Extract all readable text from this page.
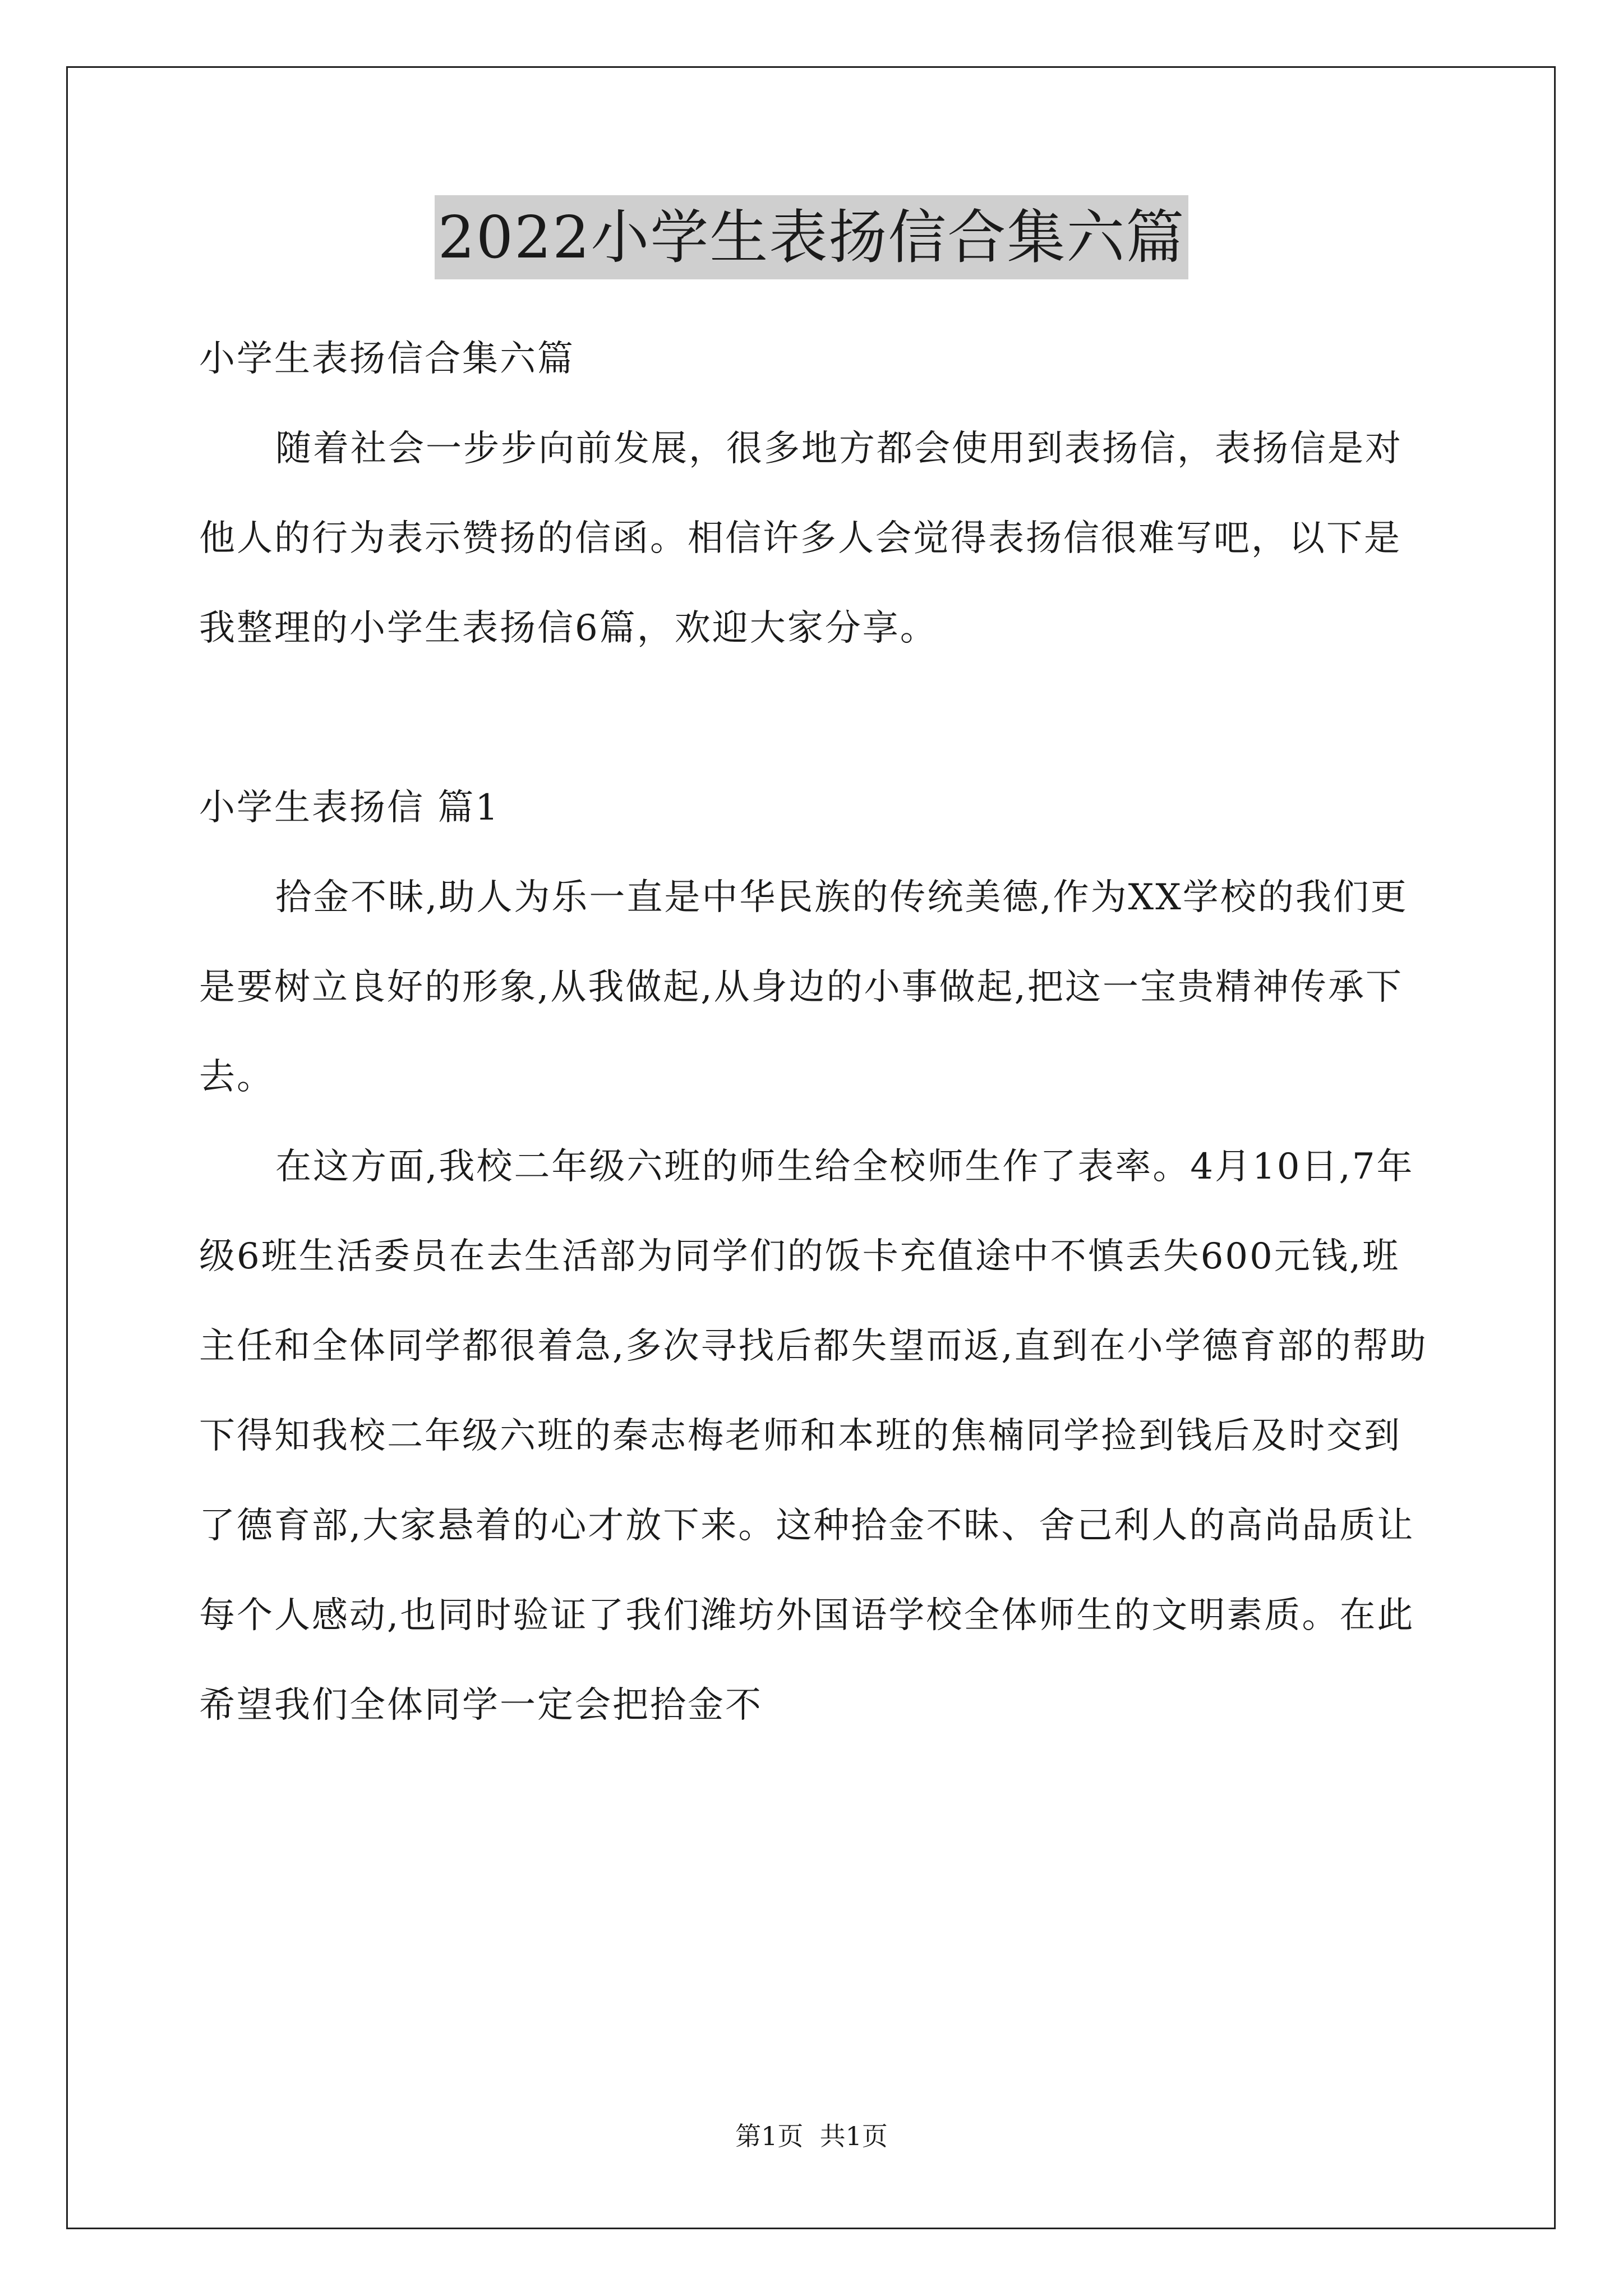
2022小学生表扬信合集六篇

小学生表扬信合集六篇

随着社会一步步向前发展，很多地方都会使用到表扬信，表扬信是对他人的行为表示赞扬的信函。相信许多人会觉得表扬信很难写吧，以下是我整理的小学生表扬信6篇，欢迎大家分享。

小学生表扬信 篇1

拾金不昧,助人为乐一直是中华民族的传统美德,作为XX学校的我们更是要树立良好的形象,从我做起,从身边的小事做起,把这一宝贵精神传承下去。

在这方面,我校二年级六班的师生给全校师生作了表率。4月10日,7年级6班生活委员在去生活部为同学们的饭卡充值途中不慎丢失600元钱,班主任和全体同学都很着急,多次寻找后都失望而返,直到在小学德育部的帮助下得知我校二年级六班的秦志梅老师和本班的焦楠同学捡到钱后及时交到了德育部,大家悬着的心才放下来。这种拾金不昧、舍己利人的高尚品质让每个人感动,也同时验证了我们潍坊外国语学校全体师生的文明素质。在此希望我们全体同学一定会把拾金不

第1页  共1页
